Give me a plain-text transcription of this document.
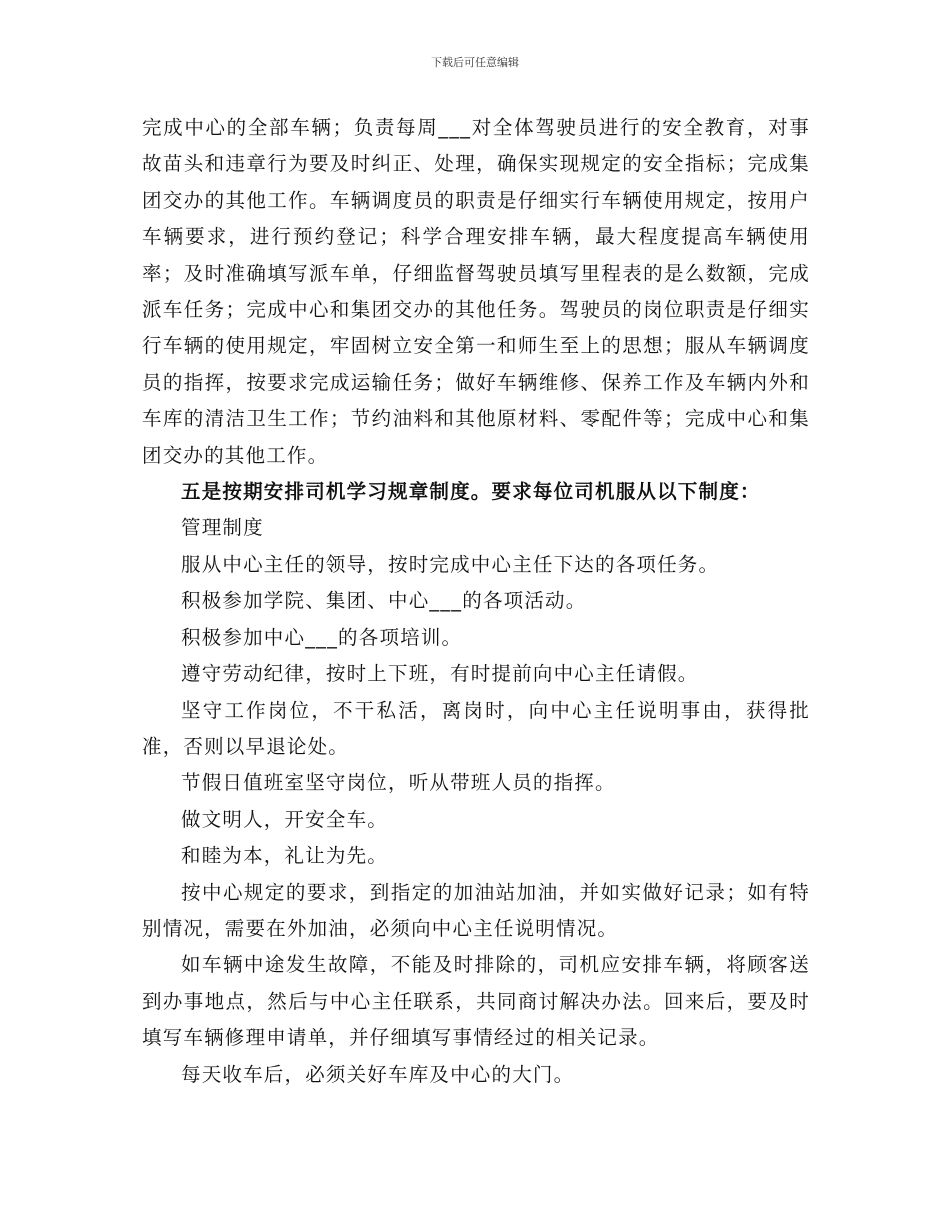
下载后可任意编辑

完成中心的全部车辆；负责每周___对全体驾驶员进行的安全教育，对事故苗头和违章行为要及时纠正、处理，确保实现规定的安全指标；完成集团交办的其他工作。车辆调度员的职责是仔细实行车辆使用规定，按用户车辆要求，进行预约登记；科学合理安排车辆，最大程度提高车辆使用率；及时准确填写派车单，仔细监督驾驶员填写里程表的是么数额，完成派车任务；完成中心和集团交办的其他任务。驾驶员的岗位职责是仔细实行车辆的使用规定，牢固树立安全第一和师生至上的思想；服从车辆调度员的指挥，按要求完成运输任务；做好车辆维修、保养工作及车辆内外和车库的清洁卫生工作；节约油料和其他原材料、零配件等；完成中心和集团交办的其他工作。

五是按期安排司机学习规章制度。要求每位司机服从以下制度：

管理制度

服从中心主任的领导，按时完成中心主任下达的各项任务。

积极参加学院、集团、中心___的各项活动。

积极参加中心___的各项培训。

遵守劳动纪律，按时上下班，有时提前向中心主任请假。

坚守工作岗位，不干私活，离岗时，向中心主任说明事由，获得批准，否则以早退论处。

节假日值班室坚守岗位，听从带班人员的指挥。

做文明人，开安全车。

和睦为本，礼让为先。

按中心规定的要求，到指定的加油站加油，并如实做好记录；如有特别情况，需要在外加油，必须向中心主任说明情况。

如车辆中途发生故障，不能及时排除的，司机应安排车辆，将顾客送到办事地点，然后与中心主任联系，共同商讨解决办法。回来后，要及时填写车辆修理申请单，并仔细填写事情经过的相关记录。

每天收车后，必须关好车库及中心的大门。
